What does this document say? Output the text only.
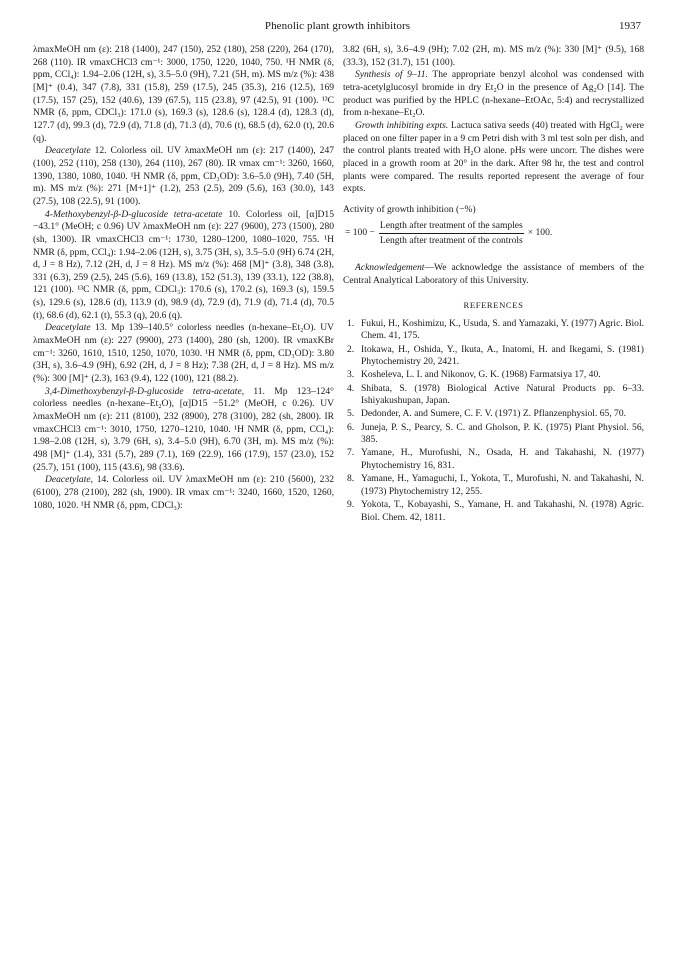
Phenolic plant growth inhibitors	1937

λmaxMeOH nm (ε): 218 (1400), 247 (150), 252 (180), 258 (220), 264 (170), 268 (110). IR νmaxCHCl3 cm⁻¹: 3000, 1750, 1220, 1040, 750. ¹H NMR (δ, ppm, CCl₄): 1.94–2.06 (12H, s), 3.5–5.0 (9H), 7.21 (5H, m). MS m/z (%): 438 [M]⁺ (0.4), 347 (7.8), 331 (15.8), 259 (17.5), 245 (35.3), 216 (12.5), 169 (17.5), 157 (25), 152 (40.6), 139 (67.5), 115 (23.8), 97 (42.5), 91 (100). ¹³C NMR (δ, ppm, CDCl₃): 171.0 (s), 169.3 (s), 128.6 (s), 128.4 (d), 128.3 (d), 127.7 (d), 99.3 (d), 72.9 (d), 71.8 (d), 71.3 (d), 70.6 (t), 68.5 (d), 62.0 (t), 20.6 (q).

Deacetylate 12. Colorless oil. UV λmaxMeOH nm (ε): 217 (1400), 247 (100), 252 (110), 258 (130), 264 (110), 267 (80). IR νmax cm⁻¹: 3260, 1660, 1390, 1380, 1080, 1040. ¹H NMR (δ, ppm, CD₃OD): 3.6–5.0 (9H), 7.40 (5H, m). MS m/z (%): 271 [M+1]⁺ (1.2), 253 (2.5), 209 (5.6), 163 (30.0), 143 (27.5), 108 (22.5), 91 (100).

4-Methoxybenzyl-β-D-glucoside tetra-acetate 10. Colorless oil, [α]D15 −43.1° (MeOH; c 0.96) UV λmaxMeOH nm (ε): 227 (9600), 273 (1500), 280 (sh, 1300). IR νmaxCHCl3 cm⁻¹: 1730, 1280–1200, 1080–1020, 755. ¹H NMR (δ, ppm, CCl₄): 1.94–2.06 (12H, s), 3.75 (3H, s), 3.5–5.0 (9H) 6.74 (2H, d, J = 8 Hz), 7.12 (2H, d, J = 8 Hz). MS m/z (%): 468 [M]⁺ (3.8), 348 (3.8), 331 (6.3), 259 (2.5), 245 (5.6), 169 (13.8), 152 (51.3), 139 (33.1), 122 (38.8), 121 (100). ¹³C NMR (δ, ppm, CDCl₃): 170.6 (s), 170.2 (s), 169.3 (s), 159.5 (s), 129.6 (s), 128.6 (d), 113.9 (d), 98.9 (d), 72.9 (d), 71.9 (d), 71.4 (d), 70.5 (t), 68.6 (d), 62.1 (t), 55.3 (q), 20.6 (q).

Deacetylate 13. Mp 139–140.5° colorless needles (n-hexane–Et₂O). UV λmaxMeOH nm (ε): 227 (9900), 273 (1400), 280 (sh, 1200). IR νmaxKBr cm⁻¹: 3260, 1610, 1510, 1250, 1070, 1030. ¹H NMR (δ, ppm, CD₃OD): 3.80 (3H, s), 3.6–4.9 (9H), 6.92 (2H, d, J = 8 Hz); 7.38 (2H, d, J = 8 Hz). MS m/z (%): 300 [M]⁺ (2.3), 163 (9.4), 122 (100), 121 (88.2).

3,4-Dimethoxybenzyl-β-D-glucoside tetra-acetate, 11. Mp 123–124° colorless needles (n-hexane–Et₂O), [α]D15 −51.2° (MeOH, c 0.26). UV λmaxMeOH nm (ε): 211 (8100), 232 (8900), 278 (3100), 282 (sh, 2800). IR νmaxCHCl3 cm⁻¹: 3010, 1750, 1270–1210, 1040. ¹H NMR (δ, ppm, CCl₄): 1.98–2.08 (12H, s), 3.79 (6H, s), 3.4–5.0 (9H), 6.70 (3H, m). MS m/z (%): 498 [M]⁺ (1.4), 331 (5.7), 289 (7.1), 169 (22.9), 166 (17.9), 157 (23.0), 152 (25.7), 151 (100), 115 (43.6), 98 (33.6).

Deacetylate, 14. Colorless oil. UV λmaxMeOH nm (ε): 210 (5600), 232 (6100), 278 (2100), 282 (sh, 1900). IR νmax cm⁻¹: 3240, 1660, 1520, 1260, 1080, 1020. ¹H NMR (δ, ppm, CDCl₃):

3.82 (6H, s), 3.6–4.9 (9H); 7.02 (2H, m). MS m/z (%): 330 [M]⁺ (9.5), 168 (33.3), 152 (31.7), 151 (100).

Synthesis of 9–11. The appropriate benzyl alcohol was condensed with tetra-acetylglucosyl bromide in dry Et₂O in the presence of Ag₂O [14]. The product was purified by the HPLC (n-hexane–EtOAc, 5:4) and recrystallized from n-hexane–Et₂O.

Growth inhibiting expts. Lactuca sativa seeds (40) treated with HgCl₂ were placed on one filter paper in a 9 cm Petri dish with 3 ml test soln per dish, and the control plants treated with H₂O alone. pHs were uncorr. The dishes were placed in a growth room at 20° in the dark. After 98 hr, the test and control plants were compared. The results reported represent the average of four expts.

Activity of growth inhibition (−%)

= $100 - \frac{\text{Length after treatment of the samples}}{\text{Length after treatment of the controls}} \times 100$.

Acknowledgement—We acknowledge the assistance of members of the Central Analytical Laboratory of this University.

REFERENCES

1. Fukui, H., Koshimizu, K., Usuda, S. and Yamazaki, Y. (1977) Agric. Biol. Chem. 41, 175.

2. Itokawa, H., Oshida, Y., Ikuta, A., Inatomi, H. and Ikegami, S. (1981) Phytochemistry 20, 2421.

3. Kosheleva, L. I. and Nikonov, G. K. (1968) Farmatsiya 17, 40.

4. Shibata, S. (1978) Biological Active Natural Products pp. 6–33. Ishiyakushupan, Japan.

5. Dedonder, A. and Sumere, C. F. V. (1971) Z. Pflanzenphysiol. 65, 70.

6. Juneja, P. S., Pearcy, S. C. and Gholson, P. K. (1975) Plant Physiol. 56, 385.

7. Yamane, H., Murofushi, N., Osada, H. and Takahashi, N. (1977) Phytochemistry 16, 831.

8. Yamane, H., Yamaguchi, I., Yokota, T., Murofushi, N. and Takahashi, N. (1973) Phytochemistry 12, 255.

9. Yokota, T., Kobayashi, S., Yamane, H. and Takahashi, N. (1978) Agric. Biol. Chem. 42, 1811.
